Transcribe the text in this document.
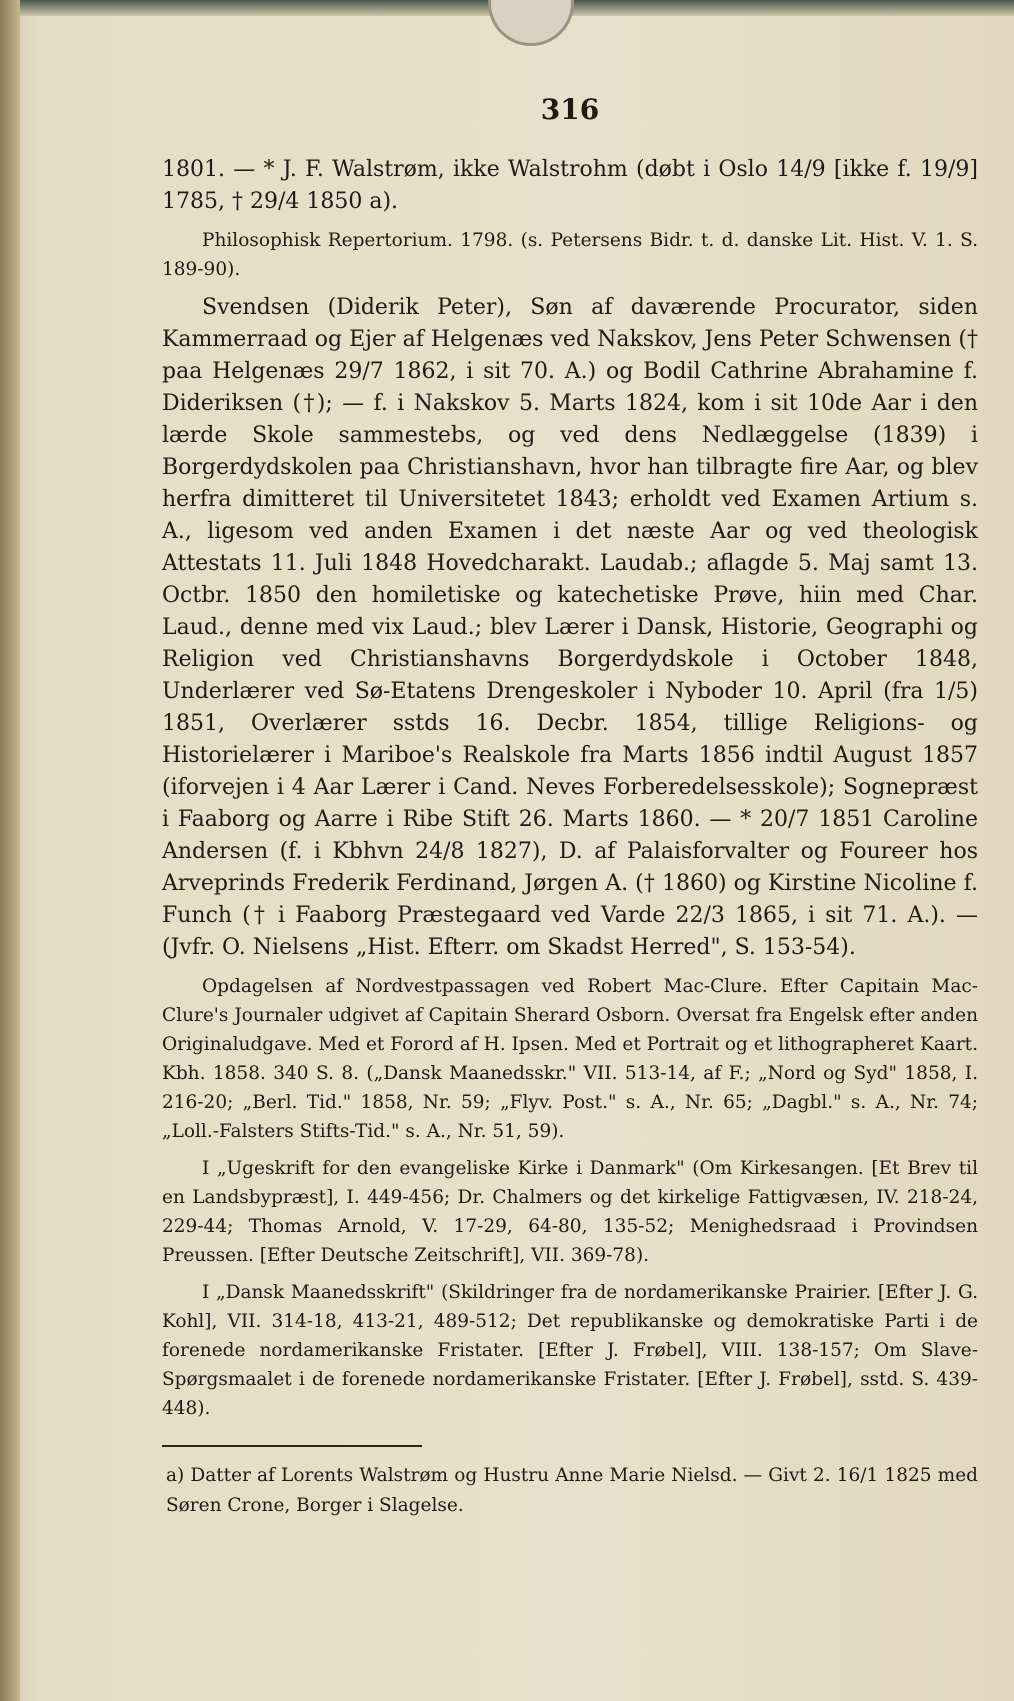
316

1801. — * J. F. Walstrøm, ikke Walstrohm (døbt i Oslo 14/9 [ikke f. 19/9] 1785, † 29/4 1850 a).

Philosophisk Repertorium. 1798. (s. Petersens Bidr. t. d. danske Lit. Hist. V. 1. S. 189-90).

Svendsen (Diderik Peter), Søn af daværende Procurator, siden Kammerraad og Ejer af Helgenæs ved Nakskov, Jens Peter Schwensen († paa Helgenæs 29/7 1862, i sit 70. A.) og Bodil Cathrine Abrahamine f. Dideriksen (†); — f. i Nakskov 5. Marts 1824, kom i sit 10de Aar i den lærde Skole sammestebs, og ved dens Nedlæggelse (1839) i Borgerdydskolen paa Christianshavn, hvor han tilbragte fire Aar, og blev herfra dimitteret til Universitetet 1843; erholdt ved Examen Artium s. A., ligesom ved anden Examen i det næste Aar og ved theologisk Attestats 11. Juli 1848 Hovedcharakt. Laudab.; aflagde 5. Maj samt 13. Octbr. 1850 den homiletiske og katechetiske Prøve, hiin med Char. Laud., denne med vix Laud.; blev Lærer i Dansk, Historie, Geographi og Religion ved Christianshavns Borgerdydskole i October 1848, Underlærer ved Sø-Etatens Drengeskoler i Nyboder 10. April (fra 1/5) 1851, Overlærer sstds 16. Decbr. 1854, tillige Religions- og Historielærer i Mariboe's Realskole fra Marts 1856 indtil August 1857 (iforvejen i 4 Aar Lærer i Cand. Neves Forberedelsesskole); Sognepræst i Faaborg og Aarre i Ribe Stift 26. Marts 1860. — * 20/7 1851 Caroline Andersen (f. i Kbhvn 24/8 1827), D. af Palaisforvalter og Foureer hos Arveprinds Frederik Ferdinand, Jørgen A. († 1860) og Kirstine Nicoline f. Funch († i Faaborg Præstegaard ved Varde 22/3 1865, i sit 71. A.). — (Jvfr. O. Nielsens „Hist. Efterr. om Skadst Herred", S. 153-54).

Opdagelsen af Nordvestpassagen ved Robert Mac-Clure. Efter Capitain Mac-Clure's Journaler udgivet af Capitain Sherard Osborn. Oversat fra Engelsk efter anden Originaludgave. Med et Forord af H. Ipsen. Med et Portrait og et lithographeret Kaart. Kbh. 1858. 340 S. 8. („Dansk Maanedsskr." VII. 513-14, af F.; „Nord og Syd" 1858, I. 216-20; „Berl. Tid." 1858, Nr. 59; „Flyv. Post." s. A., Nr. 65; „Dagbl." s. A., Nr. 74; „Loll.-Falsters Stifts-Tid." s. A., Nr. 51, 59).

I „Ugeskrift for den evangeliske Kirke i Danmark" (Om Kirkesangen. [Et Brev til en Landsbypræst], I. 449-456; Dr. Chalmers og det kirkelige Fattigvæsen, IV. 218-24, 229-44; Thomas Arnold, V. 17-29, 64-80, 135-52; Menighedsraad i Provindsen Preussen. [Efter Deutsche Zeitschrift], VII. 369-78).

I „Dansk Maanedsskrift" (Skildringer fra de nordamerikanske Prairier. [Efter J. G. Kohl], VII. 314-18, 413-21, 489-512; Det republikanske og demokratiske Parti i de forenede nordamerikanske Fristater. [Efter J. Frøbel], VIII. 138-157; Om Slave-Spørgsmaalet i de forenede nordamerikanske Fristater. [Efter J. Frøbel], sstd. S. 439-448).

a) Datter af Lorents Walstrøm og Hustru Anne Marie Nielsd. — Givt 2. 16/1 1825 med Søren Crone, Borger i Slagelse.
